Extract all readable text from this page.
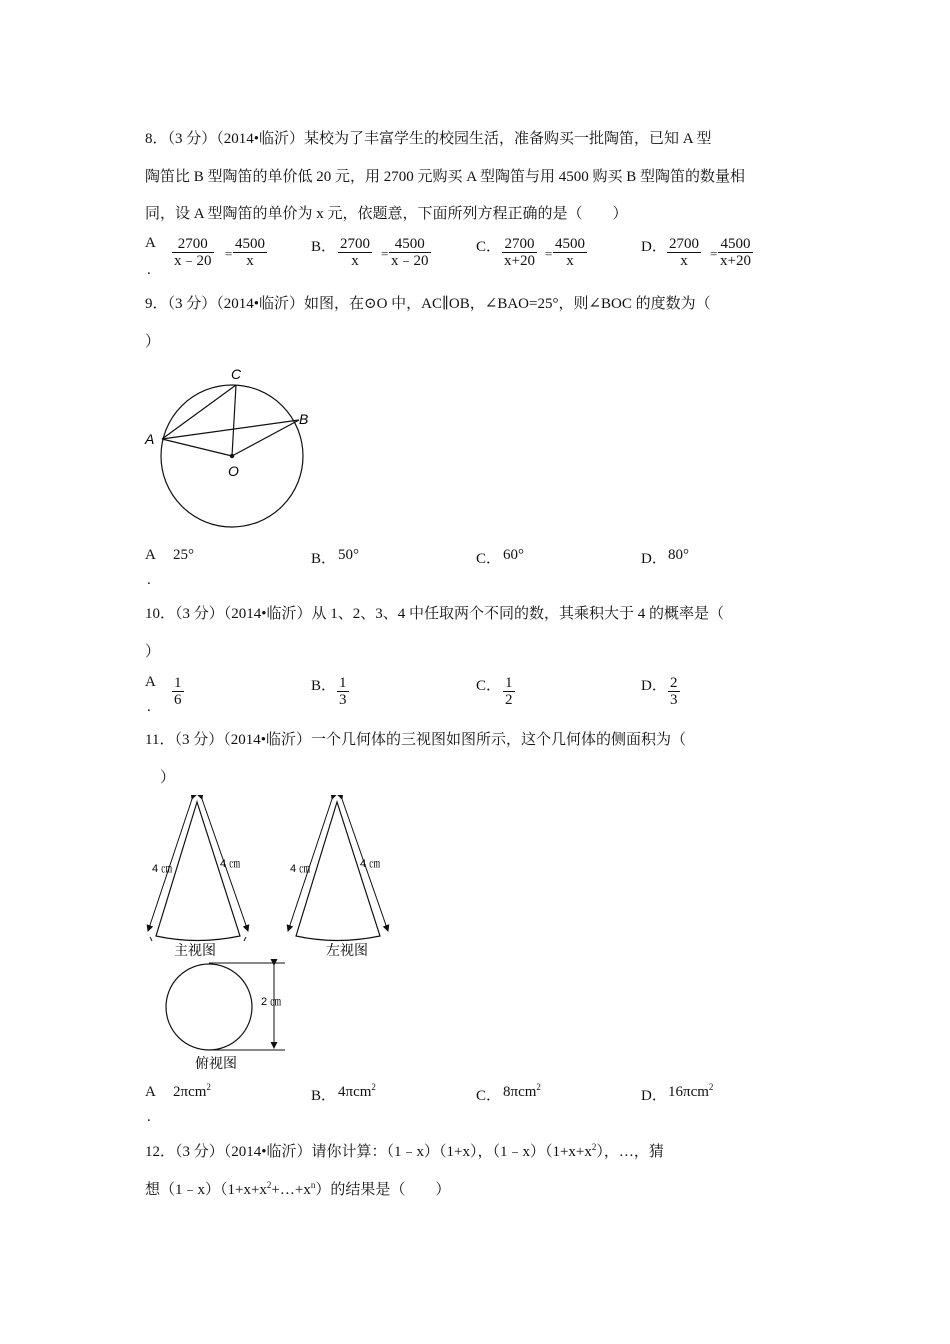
8．（3 分）（2014•临沂）某校为了丰富学生的校园生活，准备购买一批陶笛，已知 A 型
陶笛比 B 型陶笛的单价低 20 元，用 2700 元购买 A 型陶笛与用 4500 购买 B 型陶笛的数量相
同，设 A 型陶笛的单价为 x 元，依题意，下面所列方程正确的是（　　）
A $\frac{2700}{x﹣20} = \frac{4500}{x}$
.
B． $\frac{2700}{x} = \frac{4500}{x﹣20}$	C． $\frac{2700}{x+20} = \frac{4500}{x}$	D． $\frac{2700}{x} = \frac{4500}{x+20}$
9．（3 分）（2014•临沂）如图，在⊙O 中，AC∥OB，∠BAO=25°，则∠BOC 的度数为（
）
C
A
B
O
A 25°
.
B． 50°	C． 60°	D． 80°
10．（3 分）（2014•临沂）从 1、2、3、4 中任取两个不同的数，其乘积大于 4 的概率是（
）
A $\frac{1}{6}$
.
B． $\frac{1}{3}$	C． $\frac{1}{2}$	D． $\frac{2}{3}$
11．（3 分）（2014•临沂）一个几何体的三视图如图所示，这个几何体的侧面积为（
）
4 ㎝	4 ㎝
主视图
4 ㎝	4 ㎝
左视图
2 ㎝
俯视图
A 2πcm$^2$
.
B． 4πcm$^2$
C． 8πcm$^2$
D． 16πcm$^2$
12．（3 分）（2014•临沂）请你计算：（1﹣x）（1+x），$(1﹣x)(1+x+x^2)$，…，猜
想$(1﹣x)(1+x+x^2+\dots+x^n)$的结果是（　　）
